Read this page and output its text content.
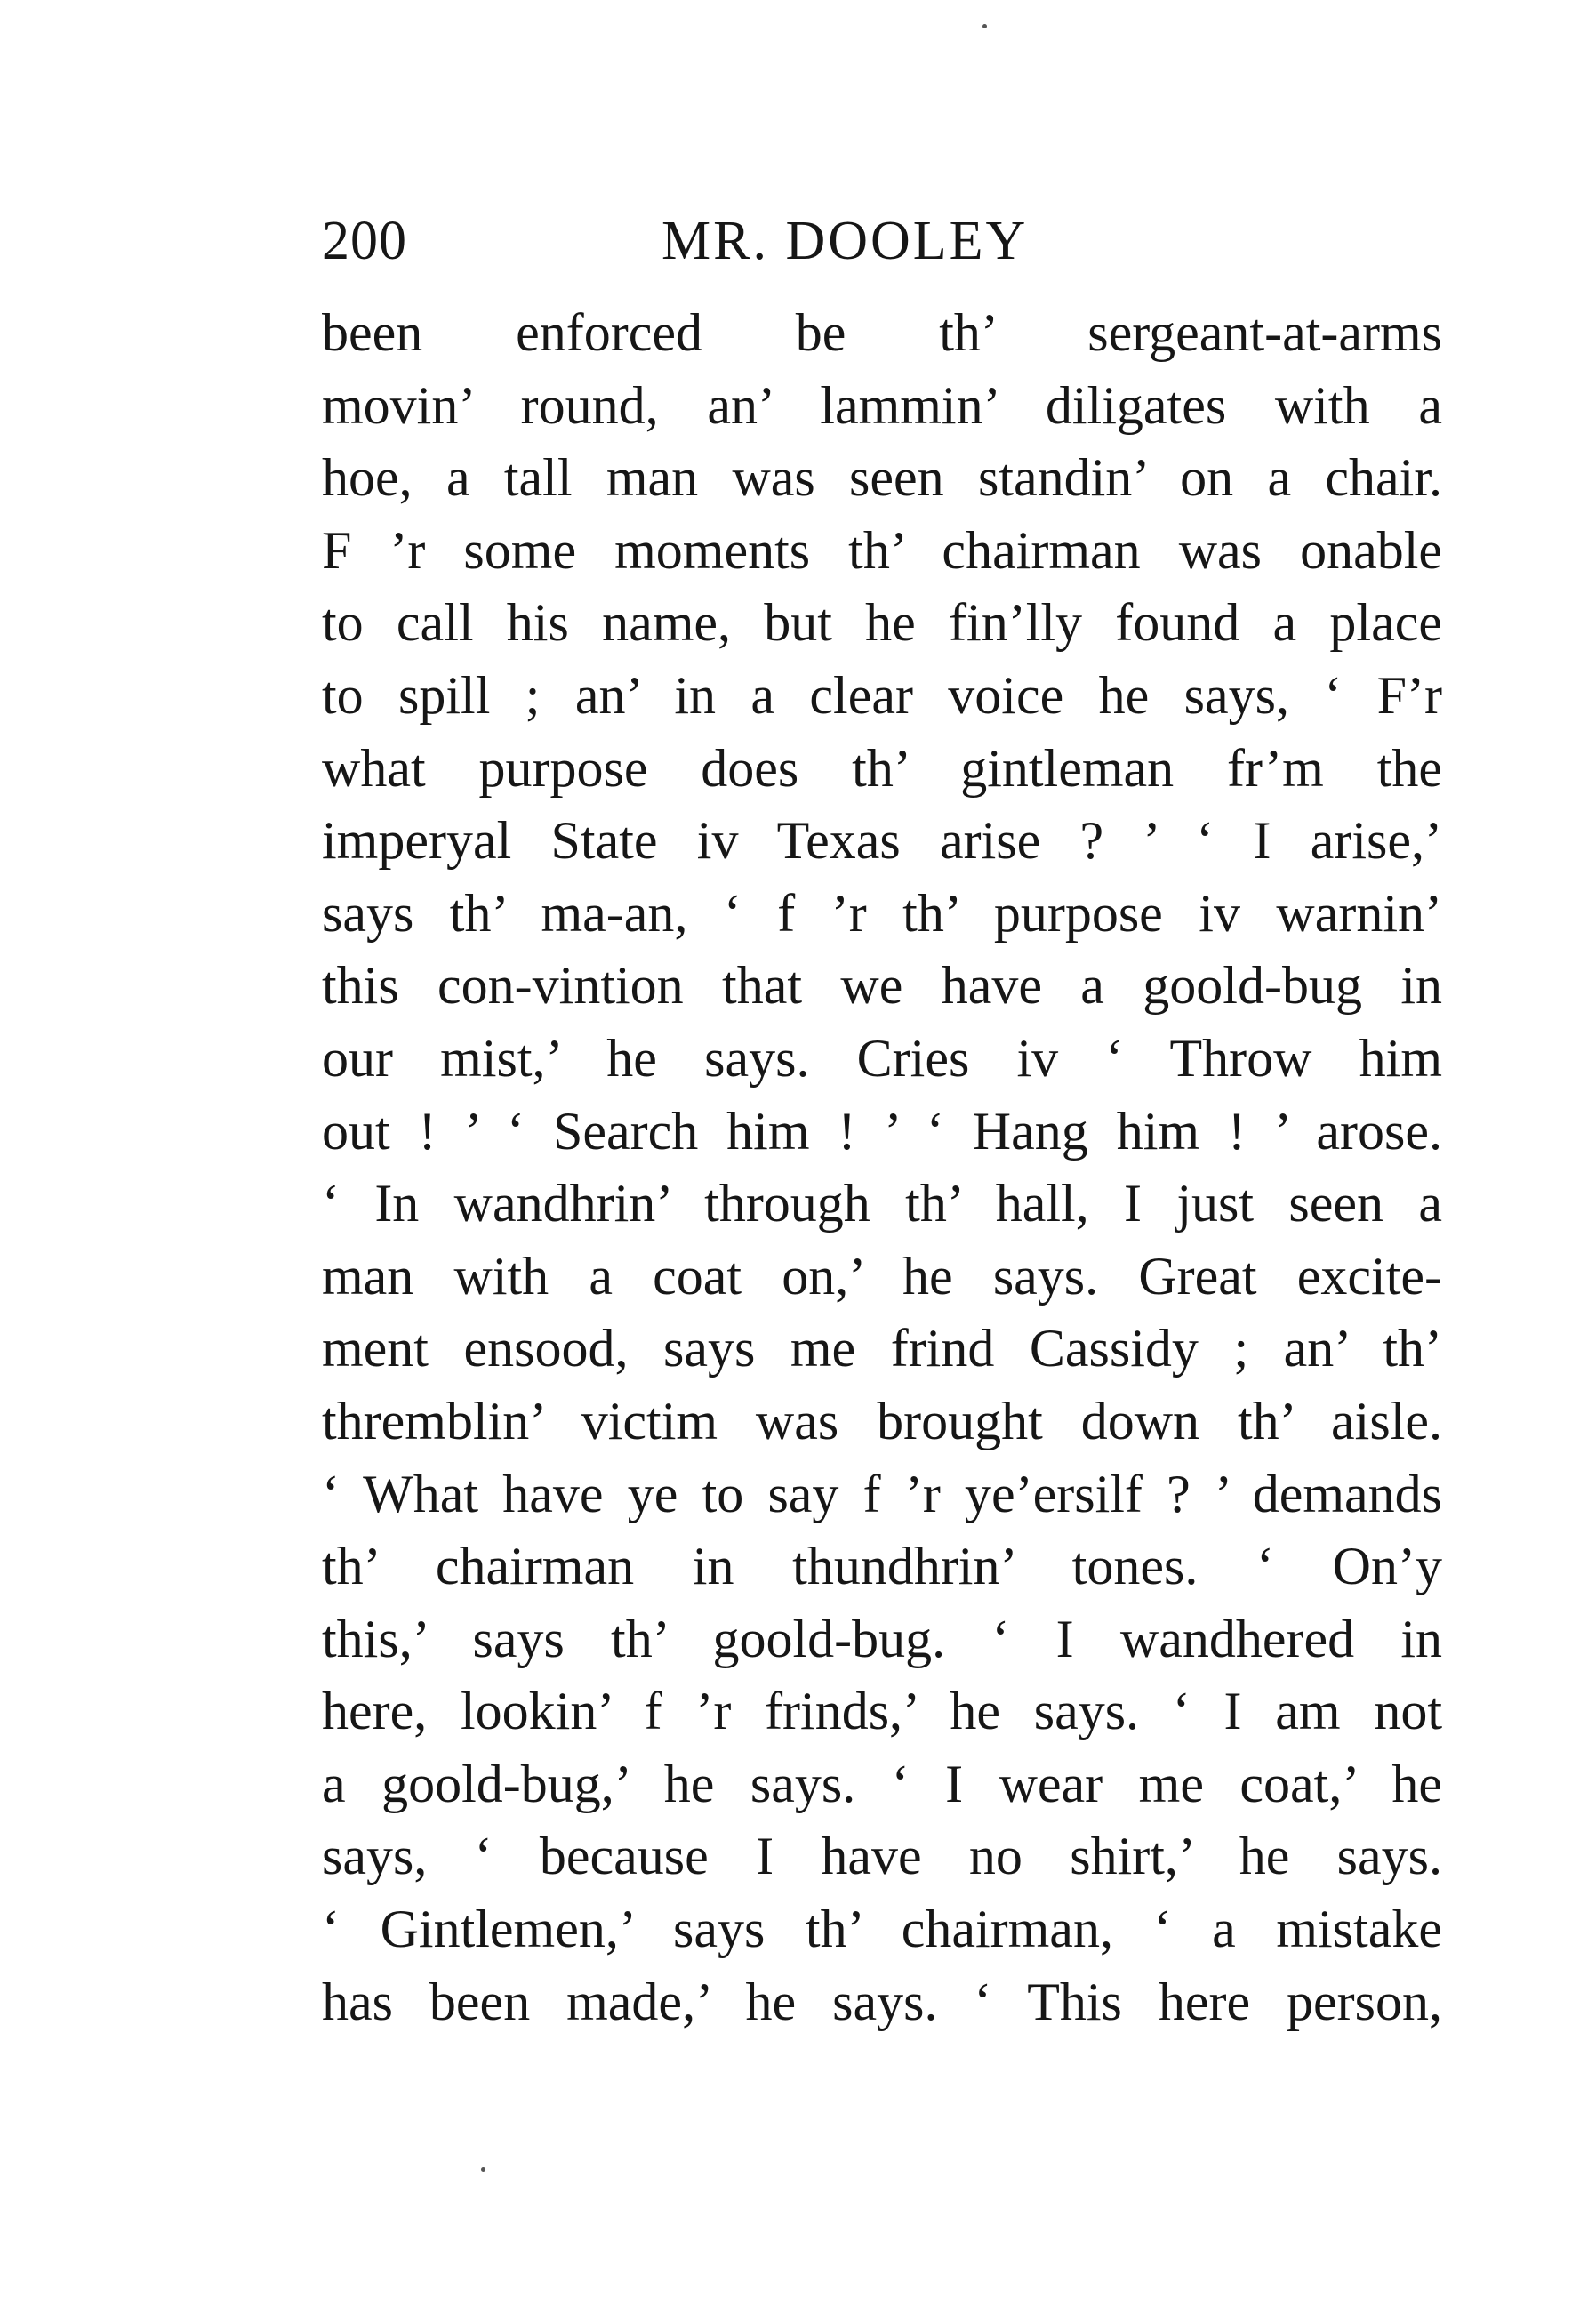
200	MR. DOOLEY
been enforced be th’ sergeant-at-arms
movin’ round, an’ lammin’ diligates with a
hoe, a tall man was seen standin’ on a chair.
F ’r some moments th’ chairman was onable
to call his name, but he fin’lly found a place
to spill ; an’ in a clear voice he says, ‘ F’r
what purpose does th’ gintleman fr’m the
imperyal State iv Texas arise ? ’ ‘ I arise,’
says th’ ma-an, ‘ f ’r th’ purpose iv warnin’
this con-vintion that we have a goold-bug in
our mist,’ he says. Cries iv ‘ Throw him
out ! ’ ‘ Search him ! ’ ‘ Hang him ! ’ arose.
‘ In wandhrin’ through th’ hall, I just seen a
man with a coat on,’ he says. Great excite-
ment ensood, says me frind Cassidy ; an’ th’
thremblin’ victim was brought down th’ aisle.
‘ What have ye to say f ’r ye’ersilf ? ’ demands
th’ chairman in thundhrin’ tones. ‘ On’y
this,’ says th’ goold-bug. ‘ I wandhered in
here, lookin’ f ’r frinds,’ he says. ‘ I am not
a goold-bug,’ he says. ‘ I wear me coat,’ he
says, ‘ because I have no shirt,’ he says.
‘ Gintlemen,’ says th’ chairman, ‘ a mistake
has been made,’ he says. ‘ This here person,
